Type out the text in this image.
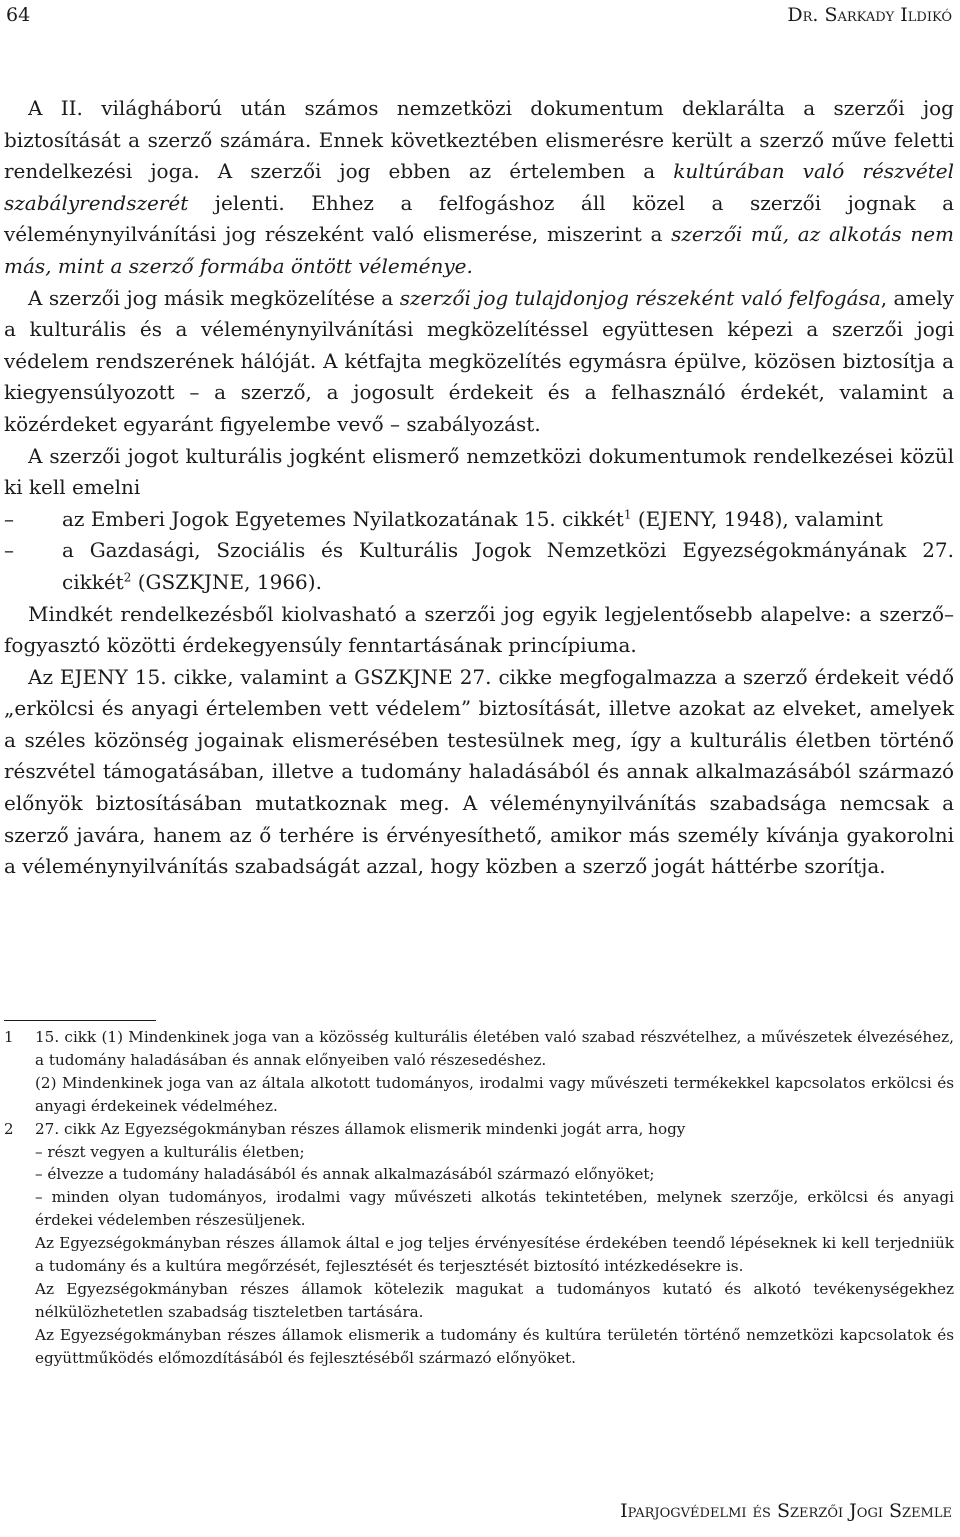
64	Dr. Sarkady Ildikó

A II. világháború után számos nemzetközi dokumentum deklarálta a szerzői jog biztosítását a szerző számára. Ennek következtében elismerésre került a szerző műve feletti rendelkezési joga. A szerzői jog ebben az értelemben a kultúrában való részvétel szabályrendszerét jelenti. Ehhez a felfogáshoz áll közel a szerzői jognak a véleménynyilvánítási jog részeként való elismerése, miszerint a szerzői mű, az alkotás nem más, mint a szerző formába öntött véleménye.

A szerzői jog másik megközelítése a szerzői jog tulajdonjog részeként való felfogása, amely a kulturális és a véleménynyilvánítási megközelítéssel együttesen képezi a szerzői jogi védelem rendszerének hálóját. A kétfajta megközelítés egymásra épülve, közösen biztosítja a kiegyensúlyozott – a szerző, a jogosult érdekeit és a felhasználó érdekét, valamint a közérdeket egyaránt figyelembe vevő – szabályozást.

A szerzői jogot kulturális jogként elismerő nemzetközi dokumentumok rendelkezései közül ki kell emelni

– az Emberi Jogok Egyetemes Nyilatkozatának 15. cikkét$^1$ (EJENY, 1948), valamint
– a Gazdasági, Szociális és Kulturális Jogok Nemzetközi Egyezségokmányának 27. cikkét$^2$ (GSZKJNE, 1966).

Mindkét rendelkezésből kiolvasható a szerzői jog egyik legjelentősebb alapelve: a szerző–fogyasztó közötti érdekegyensúly fenntartásának princípiuma.

Az EJENY 15. cikke, valamint a GSZKJNE 27. cikke megfogalmazza a szerző érdekeit védő „erkölcsi és anyagi értelemben vett védelem” biztosítását, illetve azokat az elveket, amelyek a széles közönség jogainak elismerésében testesülnek meg, így a kulturális életben történő részvétel támogatásában, illetve a tudomány haladásából és annak alkalmazásából származó előnyök biztosításában mutatkoznak meg. A véleménynyilvánítás szabadsága nemcsak a szerző javára, hanem az ő terhére is érvényesíthető, amikor más személy kívánja gyakorolni a véleménynyilvánítás szabadságát azzal, hogy közben a szerző jogát háttérbe szorítja.

1 15. cikk (1) Mindenkinek joga van a közösség kulturális életében való szabad részvételhez, a művészetek élvezéséhez, a tudomány haladásában és annak előnyeiben való részesedéshez.

(2) Mindenkinek joga van az általa alkotott tudományos, irodalmi vagy művészeti termékekkel kapcsolatos erkölcsi és anyagi érdekeinek védelméhez.

2 27. cikk Az Egyezségokmányban részes államok elismerik mindenki jogát arra, hogy

– részt vegyen a kulturális életben;

– élvezze a tudomány haladásából és annak alkalmazásából származó előnyöket;

– minden olyan tudományos, irodalmi vagy művészeti alkotás tekintetében, melynek szerzője, erkölcsi és anyagi érdekei védelemben részesüljenek.

Az Egyezségokmányban részes államok által e jog teljes érvényesítése érdekében teendő lépéseknek ki kell terjedniük a tudomány és a kultúra megőrzését, fejlesztését és terjesztését biztosító intézkedésekre is.

Az Egyezségokmányban részes államok kötelezik magukat a tudományos kutató és alkotó tevékenységekhez nélkülözhetetlen szabadság tiszteletben tartására.

Az Egyezségokmányban részes államok elismerik a tudomány és kultúra területén történő nemzetközi kapcsolatok és együttműködés előmozdításából és fejlesztéséből származó előnyöket.

Iparjogvédelmi és Szerzői Jogi Szemle
